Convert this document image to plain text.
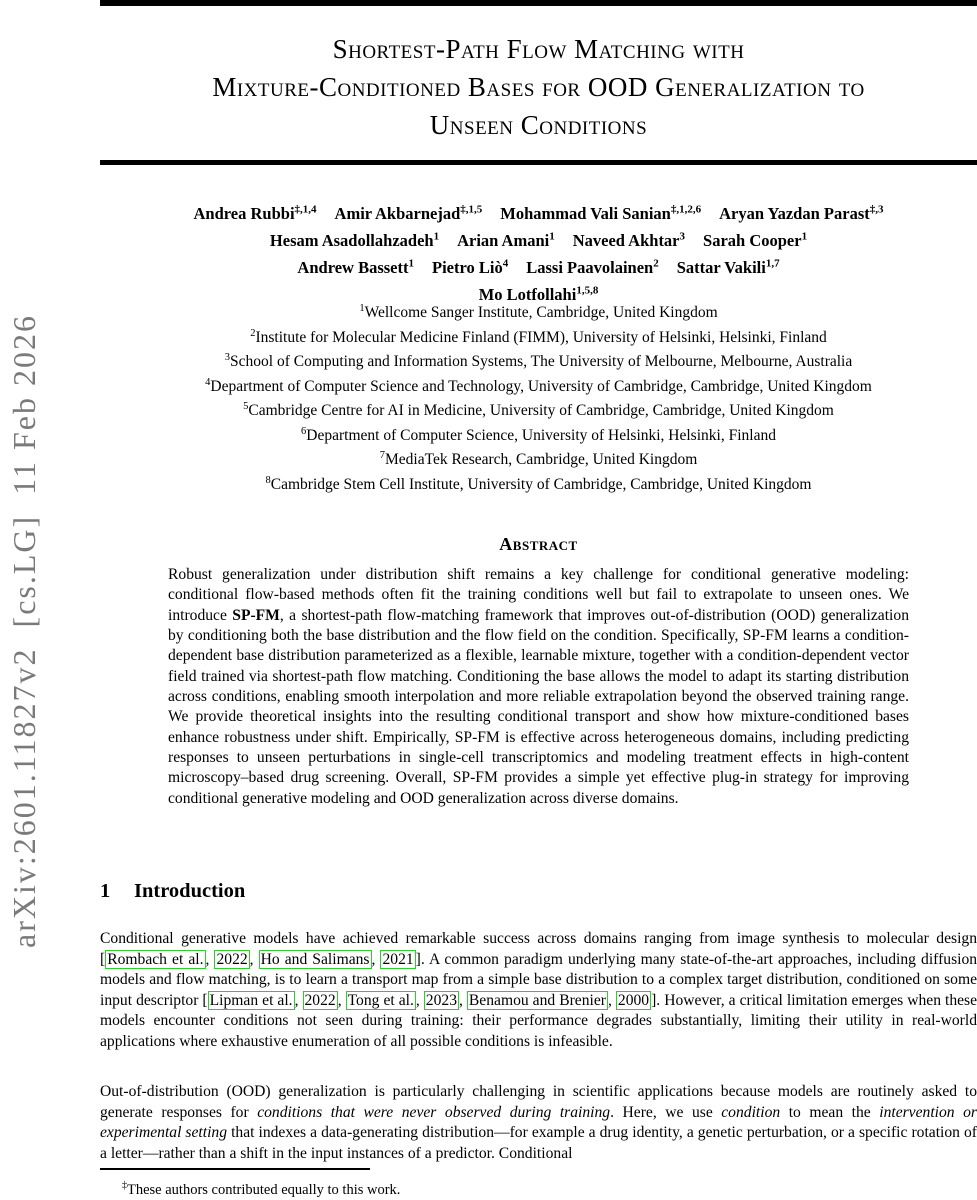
arXiv:2601.11827v2  [cs.LG]  11 Feb 2026
Shortest-Path Flow Matching with
Mixture-Conditioned Bases for OOD Generalization to
Unseen Conditions
Andrea Rubbi$^{\ddagger,1,4}$ Amir Akbarnejad$^{\ddagger,1,5}$ Mohammad Vali Sanian$^{\ddagger,1,2,6}$ Aryan Yazdan Parast$^{\ddagger,3}$
Hesam Asadollahzadeh$^1$ Arian Amani$^1$ Naveed Akhtar$^3$ Sarah Cooper$^1$
Andrew Bassett$^1$ Pietro Liò$^4$ Lassi Paavolainen$^2$ Sattar Vakili$^{1,7}$
Mo Lotfollahi$^{1,5,8}$
$^1$Wellcome Sanger Institute, Cambridge, United Kingdom
$^2$Institute for Molecular Medicine Finland (FIMM), University of Helsinki, Helsinki, Finland
$^3$School of Computing and Information Systems, The University of Melbourne, Melbourne, Australia
$^4$Department of Computer Science and Technology, University of Cambridge, Cambridge, United Kingdom
$^5$Cambridge Centre for AI in Medicine, University of Cambridge, Cambridge, United Kingdom
$^6$Department of Computer Science, University of Helsinki, Helsinki, Finland
$^7$MediaTek Research, Cambridge, United Kingdom
$^8$Cambridge Stem Cell Institute, University of Cambridge, Cambridge, United Kingdom
Abstract
Robust generalization under distribution shift remains a key challenge for conditional generative modeling: conditional flow-based methods often fit the training conditions well but fail to extrapolate to unseen ones. We introduce SP-FM, a shortest-path flow-matching framework that improves out-of-distribution (OOD) generalization by conditioning both the base distribution and the flow field on the condition. Specifically, SP-FM learns a condition-dependent base distribution parameterized as a flexible, learnable mixture, together with a condition-dependent vector field trained via shortest-path flow matching. Conditioning the base allows the model to adapt its starting distribution across conditions, enabling smooth interpolation and more reliable extrapolation beyond the observed training range. We provide theoretical insights into the resulting conditional transport and show how mixture-conditioned bases enhance robustness under shift. Empirically, SP-FM is effective across heterogeneous domains, including predicting responses to unseen perturbations in single-cell transcriptomics and modeling treatment effects in high-content microscopy–based drug screening. Overall, SP-FM provides a simple yet effective plug-in strategy for improving conditional generative modeling and OOD generalization across diverse domains.
1 Introduction
Conditional generative models have achieved remarkable success across domains ranging from image synthesis to molecular design [ Rombach et al. , 2022 , Ho and Salimans , 2021 ]. A common paradigm underlying many state-of-the-art approaches, including diffusion models and flow matching, is to learn a transport map from a simple base distribution to a complex target distribution, conditioned on some input descriptor [ Lipman et al. , 2022 , Tong et al. , 2023 , Benamou and Brenier , 2000 ]. However, a critical limitation emerges when these models encounter conditions not seen during training: their performance degrades substantially, limiting their utility in real-world applications where exhaustive enumeration of all possible conditions is infeasible.
Out-of-distribution (OOD) generalization is particularly challenging in scientific applications because models are routinely asked to generate responses for conditions that were never observed during training. Here, we use condition to mean the intervention or experimental setting that indexes a data-generating distribution—for example a drug identity, a genetic perturbation, or a specific rotation of a letter—rather than a shift in the input instances of a predictor. Conditional
‡These authors contributed equally to this work.
